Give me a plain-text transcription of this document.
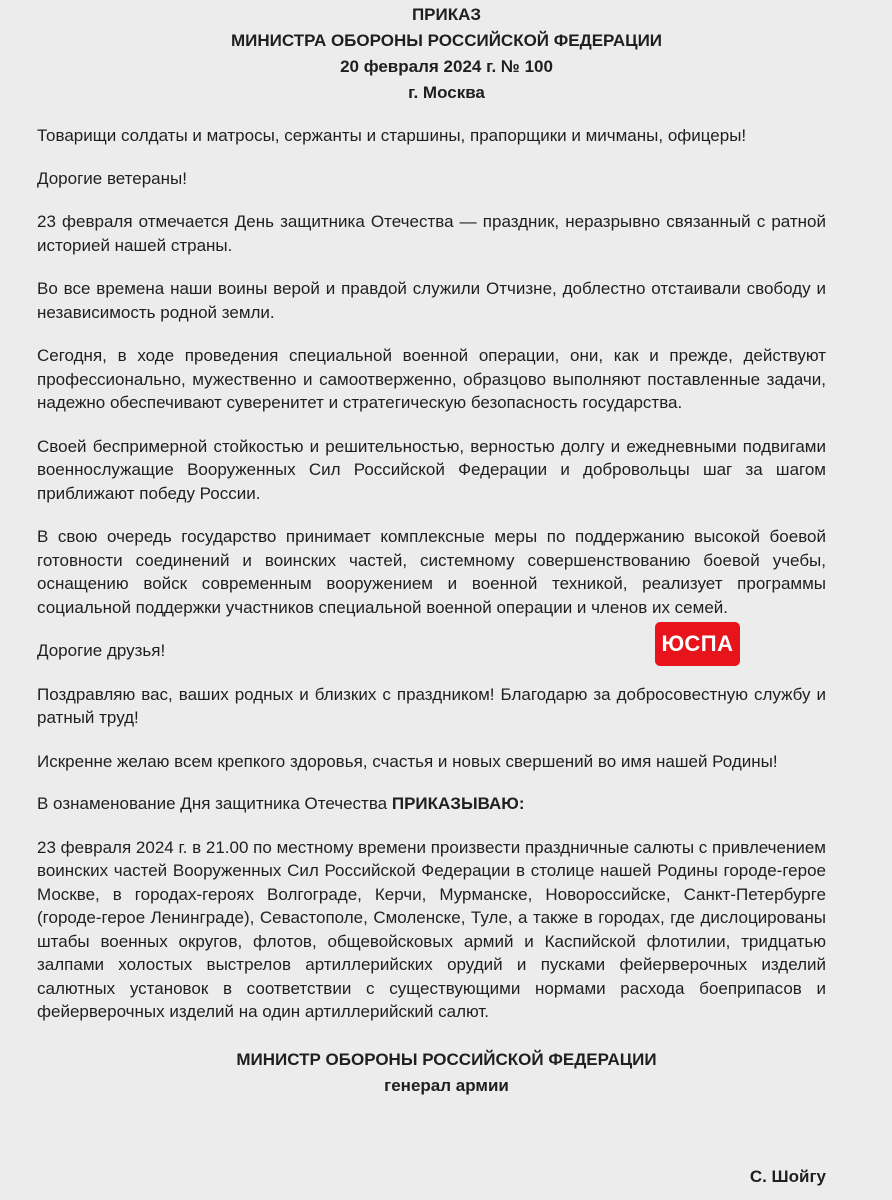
ПРИКАЗ
МИНИСТРА ОБОРОНЫ РОССИЙСКОЙ ФЕДЕРАЦИИ
20 февраля 2024 г. № 100
г. Москва

Товарищи солдаты и матросы, сержанты и старшины, прапорщики и мичманы, офицеры!

Дорогие ветераны!

23 февраля отмечается День защитника Отечества — праздник, неразрывно связанный с ратной историей нашей страны.

Во все времена наши воины верой и правдой служили Отчизне, доблестно отстаивали свободу и независимость родной земли.

Сегодня, в ходе проведения специальной военной операции, они, как и прежде, действуют профессионально, мужественно и самоотверженно, образцово выполняют поставленные задачи, надежно обеспечивают суверенитет и стратегическую безопасность государства.

Своей беспримерной стойкостью и решительностью, верностью долгу и ежедневными подвигами военнослужащие Вооруженных Сил Российской Федерации и добровольцы шаг за шагом приближают победу России.

В свою очередь государство принимает комплексные меры по поддержанию высокой боевой готовности соединений и воинских частей, системному совершенствованию боевой учебы, оснащению войск современным вооружением и военной техникой, реализует программы социальной поддержки участников специальной военной операции и членов их семей.

Дорогие друзья!

Поздравляю вас, ваших родных и близких с праздником! Благодарю за добросовестную службу и ратный труд!

Искренне желаю всем крепкого здоровья, счастья и новых свершений во имя нашей Родины!

В ознаменование Дня защитника Отечества ПРИКАЗЫВАЮ:

23 февраля 2024 г. в 21.00 по местному времени произвести праздничные салюты с привлечением воинских частей Вооруженных Сил Российской Федерации в столице нашей Родины городе-герое Москве, в городах-героях Волгограде, Керчи, Мурманске, Новороссийске, Санкт-Петербурге (городе-герое Ленинграде), Севастополе, Смоленске, Туле, а также в городах, где дислоцированы штабы военных округов, флотов, общевойсковых армий и Каспийской флотилии, тридцатью залпами холостых выстрелов артиллерийских орудий и пусками фейерверочных изделий салютных установок в соответствии с существующими нормами расхода боеприпасов и фейерверочных изделий на один артиллерийский салют.

МИНИСТР ОБОРОНЫ РОССИЙСКОЙ ФЕДЕРАЦИИ
генерал армии
С. Шойгу
ЮСПА
